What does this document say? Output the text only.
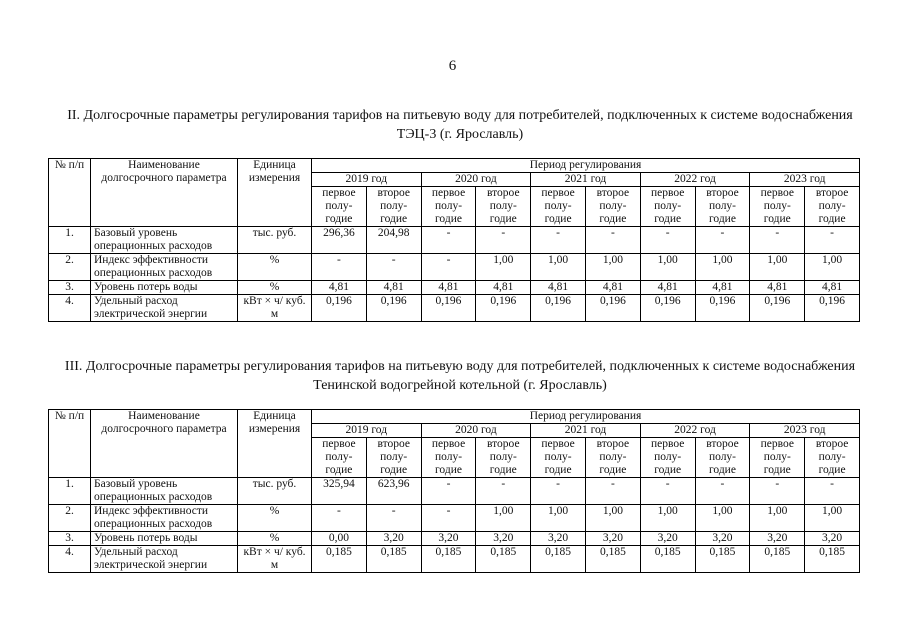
6
II. Долгосрочные параметры регулирования тарифов на питьевую воду для потребителей, подключенных к системе водоснабжения ТЭЦ-3 (г. Ярославль)
№ п/п	Наименование долгосрочного параметра	Единица измерения	Период регулирования									
			2019 год		2020 год		2021 год		2022 год		2023 год	
			первое полу-годие	второе полу-годие	первое полу-годие	второе полу-годие	первое полу-годие	второе полу-годие	первое полу-годие	второе полу-годие	первое полу-годие	второе полу-годие
1.	Базовый уровень операционных расходов	тыс. руб.	296,36	204,98	-	-	-	-	-	-	-	-
2.	Индекс эффективности операционных расходов	%	-	-	-	1,00	1,00	1,00	1,00	1,00	1,00	1,00
3.	Уровень потерь воды	%	4,81	4,81	4,81	4,81	4,81	4,81	4,81	4,81	4,81	4,81
4.	Удельный расход электрической энергии	кВт × ч/ куб. м	0,196	0,196	0,196	0,196	0,196	0,196	0,196	0,196	0,196	0,196
III. Долгосрочные параметры регулирования тарифов на питьевую воду для потребителей, подключенных к системе водоснабжения Тенинской водогрейной котельной (г. Ярославль)
№ п/п	Наименование долгосрочного параметра	Единица измерения	Период регулирования									
			2019 год		2020 год		2021 год		2022 год		2023 год	
			первое полу-годие	второе полу-годие	первое полу-годие	второе полу-годие	первое полу-годие	второе полу-годие	первое полу-годие	второе полу-годие	первое полу-годие	второе полу-годие
1.	Базовый уровень операционных расходов	тыс. руб.	325,94	623,96	-	-	-	-	-	-	-	-
2.	Индекс эффективности операционных расходов	%	-	-	-	1,00	1,00	1,00	1,00	1,00	1,00	1,00
3.	Уровень потерь воды	%	0,00	3,20	3,20	3,20	3,20	3,20	3,20	3,20	3,20	3,20
4.	Удельный расход электрической энергии	кВт × ч/ куб. м	0,185	0,185	0,185	0,185	0,185	0,185	0,185	0,185	0,185	0,185
